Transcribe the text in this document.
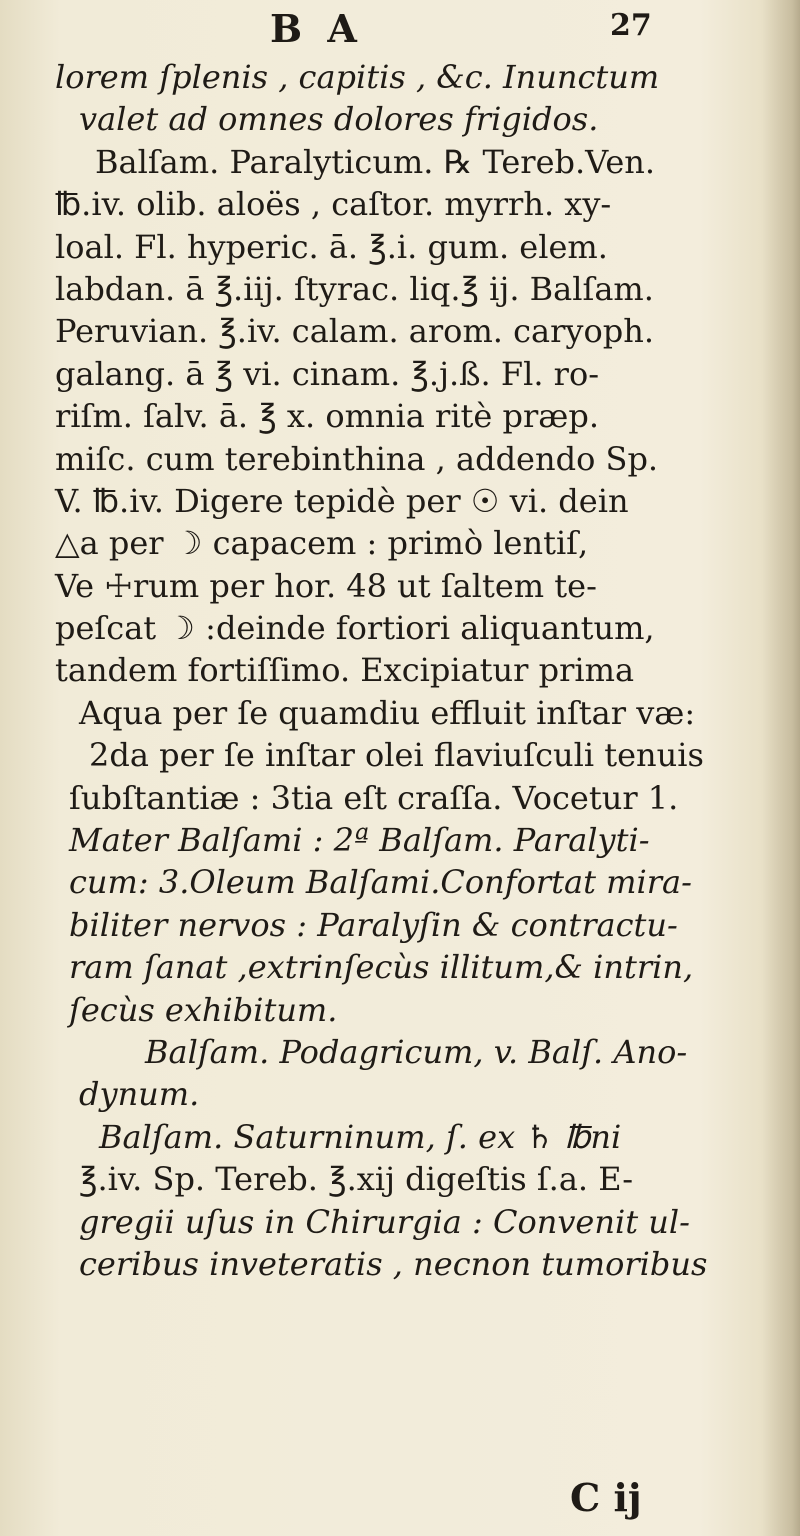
B A	27
lorem ſplenis , capitis , &c. Inunctum
valet ad omnes dolores frigidos.
Balſam. Paralyticum. ℞ Tereb.Ven.
℔.iv. olib. aloës , caſtor. myrrh. xy-
loal. Fl. hyperic. ā. ℥.i. gum. elem.
labdan. ā ℥.iij. ſtyrac. liq.℥ ij. Balſam.
Peruvian. ℥.iv. calam. arom. caryoph.
galang. ā ℥ vi. cinam. ℥.j.ß. Fl. ro-
riſm. ſalv. ā. ℥ x. omnia ritè præp.
miſc. cum terebinthina , addendo Sp.
V. ℔.iv. Digere tepidè per ☉ vi. dein
△a per ☽ capacem : primò lentiſ,
Ve ☩rum per hor. 48 ut ſaltem te-
peſcat ☽ :deinde fortiori aliquantum,
tandem fortiſſimo. Excipiatur prima
Aqua per ſe quamdiu effluit inſtar væ:
2da per ſe inſtar olei flaviuſculi tenuis
ſubſtantiæ : 3tia eſt craſſa. Vocetur 1.
Mater Balſami : 2ª Balſam. Paralyti-
cum: 3.Oleum Balſami.Confortat mira-
biliter nervos : Paralyſin & contractu-
ram ſanat ,extrinſecùs illitum,& intrin,
ſecùs exhibitum.
Balſam. Podagricum, v. Balſ. Ano-
dynum.
Balſam. Saturninum, ſ. ex ♄ ℔ni
℥.iv. Sp. Tereb. ℥.xij digeſtis ſ.a. E-
gregii uſus in Chirurgia : Convenit ul-
ceribus inveteratis , necnon tumoribus
C ij
